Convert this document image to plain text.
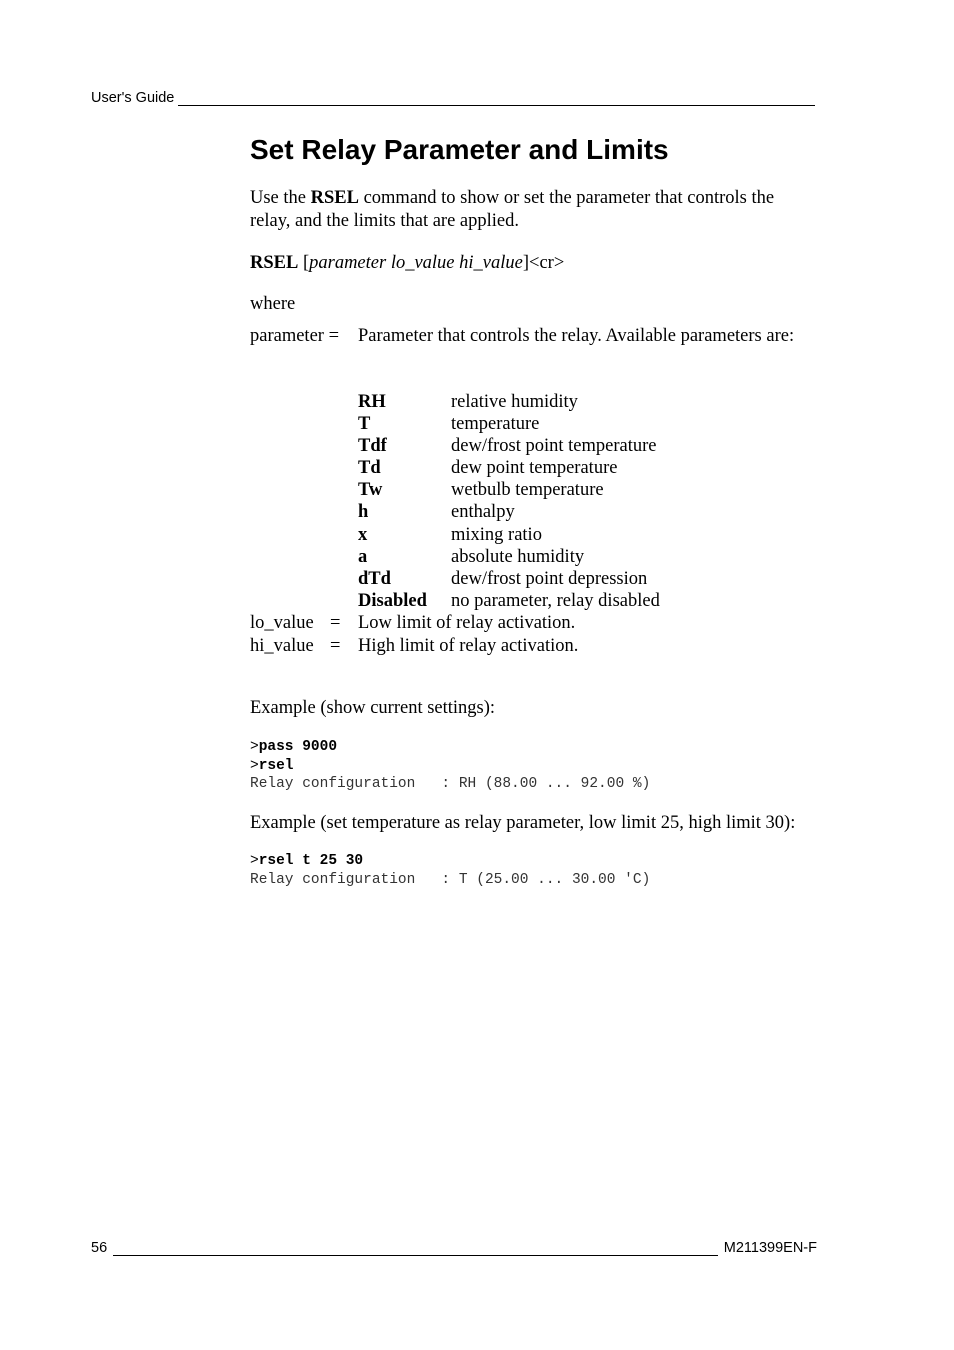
User's Guide
Set Relay Parameter and Limits

Use the RSEL command to show or set the parameter that controls the relay, and the limits that are applied.

RSEL [parameter lo_value hi_value]<cr>

where

parameter =	Parameter that controls the relay. Available parameters are:
RH	relative humidity
T	temperature
Tdf	dew/frost point temperature
Td	dew point temperature
Tw	wetbulb temperature
h	enthalpy
x	mixing ratio
a	absolute humidity
dTd	dew/frost point depression
Disabled	no parameter, relay disabled
lo_value = Low limit of relay activation.
hi_value = High limit of relay activation.

Example (show current settings):

>pass 9000
>rsel
Relay configuration   : RH (88.00 ... 92.00 %)

Example (set temperature as relay parameter, low limit 25, high limit 30):

>rsel t 25 30
Relay configuration   : T (25.00 ... 30.00 'C)
56	M211399EN-F
